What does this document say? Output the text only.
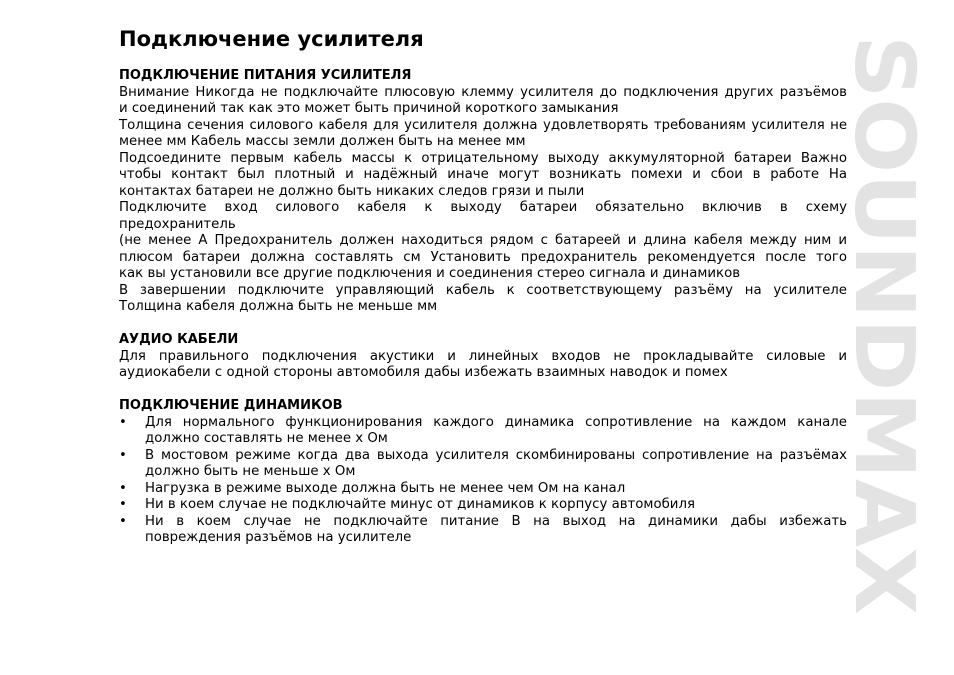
Подключение усилителя
ПОДКЛЮЧЕНИЕ ПИТАНИЯ УСИЛИТЕЛЯ
Внимание Никогда не подключайте плюсовую клемму усилителя до подключения других разъёмов
и соединений так как это может быть причиной короткого замыкания
Толщина сечения силового кабеля для усилителя должна удовлетворять требованиям усилителя не
менее мм Кабель массы земли должен быть на менее мм
Подсоедините первым кабель массы к отрицательному выходу аккумуляторной батареи Важно
чтобы контакт был плотный и надёжный иначе могут возникать помехи и сбои в работе На
контактах батареи не должно быть никаких следов грязи и пыли
Подключите вход силового кабеля к выходу батареи обязательно включив в схему
предохранитель
(не менее А Предохранитель должен находиться рядом с батареей и длина кабеля между ним и
плюсом батареи должна составлять см Установить предохранитель рекомендуется после того
как вы установили все другие подключения и соединения стерео сигнала и динамиков
В завершении подключите управляющий кабель к соответствующему разъёму на усилителе
Толщина кабеля должна быть не меньше мм
АУДИО КАБЕЛИ
Для правильного подключения акустики и линейных входов не прокладывайте силовые и
аудиокабели с одной стороны автомобиля дабы избежать взаимных наводок и помех
ПОДКЛЮЧЕНИЕ ДИНАМИКОВ
• Для нормального функционирования каждого динамика сопротивление на каждом канале
должно составлять не менее х Ом
• В мостовом режиме когда два выхода усилителя скомбинированы сопротивление на разъёмах
должно быть не меньше х Ом
• Нагрузка в режиме выходе должна быть не менее чем Ом на канал
• Ни в коем случае не подключайте минус от динамиков к корпусу автомобиля
• Ни в коем случае не подключайте питание В на выход на динамики дабы избежать
повреждения разъёмов на усилителе	SOUNDMAX
